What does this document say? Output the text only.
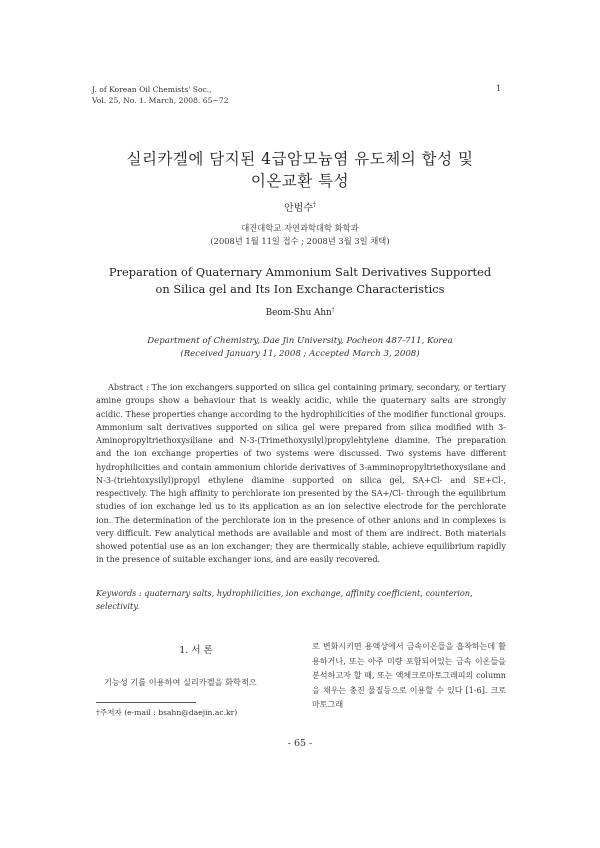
J. of Korean Oil Chemists' Soc.,
Vol. 25, No. 1. March, 2008. 65~72
1
실리카겔에 담지된 4급암모늄염 유도체의 합성 및
이온교환 특성
안범수†
대진대학교 자연과학대학 화학과
(2008년 1월 11일 접수 ; 2008년 3월 3일 채택)
Preparation of Quaternary Ammonium Salt Derivatives Supported
on Silica gel and Its Ion Exchange Characteristics
Beom-Shu Ahn†
Department of Chemistry, Dae Jin University, Pocheon 487-711, Korea
(Received January 11, 2008 ; Accepted March 3, 2008)
Abstract : The ion exchangers supported on silica gel containing primary, secondary, or tertiary amine groups show a behaviour that is weakly acidic, while the quaternary salts are strongly acidic. These properties change according to the hydrophilicities of the modifier functional groups. Ammonium salt derivatives supported on silica gel were prepared from silica modified with 3-Aminopropyltriethoxysiliane and N-3-(Trimethoxysilyl)propylehtylene diamine. The preparation and the ion exchange properties of two systems were discussed. Two systems have different hydrophilicities and contain ammonium chloride derivatives of 3-amminopropyltriethoxysilane and N-3-(triehtoxysilyl)propyl ethylene diamine supported on silica gel, SA+Cl- and SE+Cl-, respectively. The high affinity to perchlorate ion presented by the SA+/Cl- through the equilibrium studies of ion exchange led us to its application as an ion selective electrode for the perchlorate ion. The determination of the perchlorate ion in the presence of other anions and in complexes is very difficult. Few analytical methods are available and most of them are indirect. Both materials showed potential use as an ion exchanger; they are thermically stable, achieve equilibrium rapidly in the presence of suitable exchanger ions, and are easily recovered.
Keywords : quaternary salts, hydrophilicities, ion exchange, affinity coefficient, counterion, selectivity.
1. 서 론
기능성 기를 이용하여 실리카겔을 화학적으
†주저자 (e-mail : bsahn@daejin.ac.kr)
로 변화시키면 용액상에서 금속이온들을 흡착하는데 활용하거나, 또는 아주 미량 포함되어있는 금속 이온들을 분석하고자 할 때, 또는 액체크로마토그래피의 column을 채우는 충진 물질등으로 이용할 수 있다 [1-6]. 크로마토그래
- 65 -
